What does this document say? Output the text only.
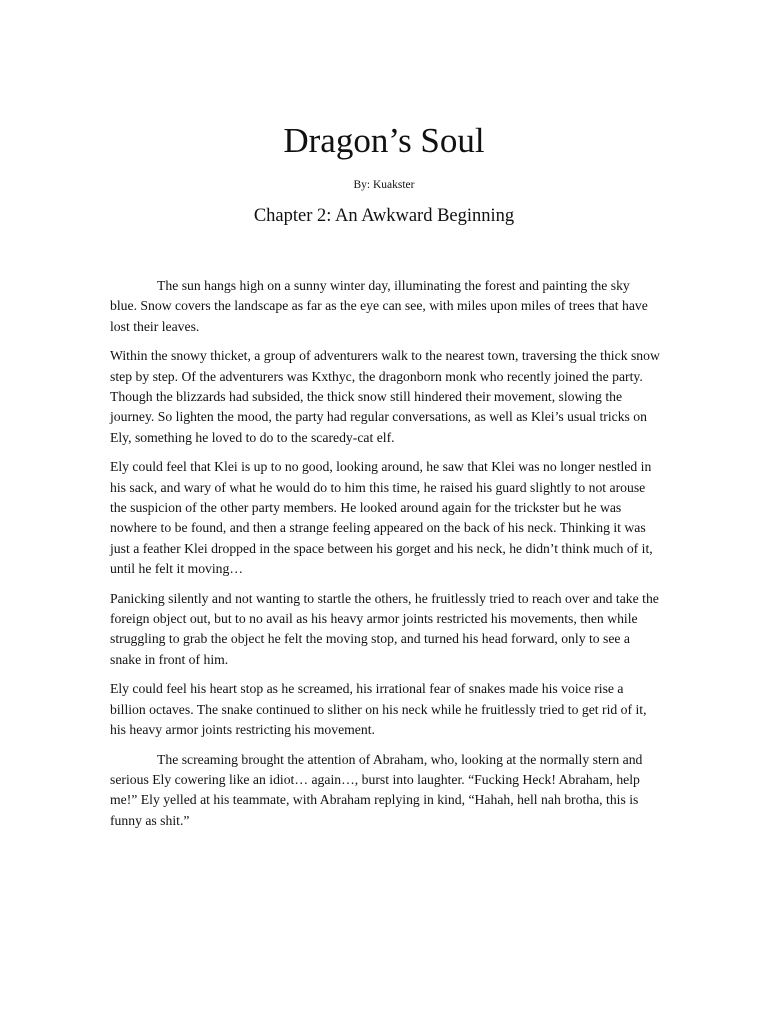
Dragon’s Soul
By: Kuakster
Chapter 2: An Awkward Beginning

The sun hangs high on a sunny winter day, illuminating the forest and painting the sky blue. Snow covers the landscape as far as the eye can see, with miles upon miles of trees that have lost their leaves.

Within the snowy thicket, a group of adventurers walk to the nearest town, traversing the thick snow step by step. Of the adventurers was Kxthyc, the dragonborn monk who recently joined the party. Though the blizzards had subsided, the thick snow still hindered their movement, slowing the journey. So lighten the mood, the party had regular conversations, as well as Klei’s usual tricks on Ely, something he loved to do to the scaredy-cat elf.

Ely could feel that Klei is up to no good, looking around, he saw that Klei was no longer nestled in his sack, and wary of what he would do to him this time, he raised his guard slightly to not arouse the suspicion of the other party members. He looked around again for the trickster but he was nowhere to be found, and then a strange feeling appeared on the back of his neck. Thinking it was just a feather Klei dropped in the space between his gorget and his neck, he didn’t think much of it, until he felt it moving…

Panicking silently and not wanting to startle the others, he fruitlessly tried to reach over and take the foreign object out, but to no avail as his heavy armor joints restricted his movements, then while struggling to grab the object he felt the moving stop, and turned his head forward, only to see a snake in front of him.

Ely could feel his heart stop as he screamed, his irrational fear of snakes made his voice rise a billion octaves. The snake continued to slither on his neck while he fruitlessly tried to get rid of it, his heavy armor joints restricting his movement.

The screaming brought the attention of Abraham, who, looking at the normally stern and serious Ely cowering like an idiot… again…, burst into laughter. “Fucking Heck! Abraham, help me!” Ely yelled at his teammate, with Abraham replying in kind, “Hahah, hell nah brotha, this is funny as shit.”
